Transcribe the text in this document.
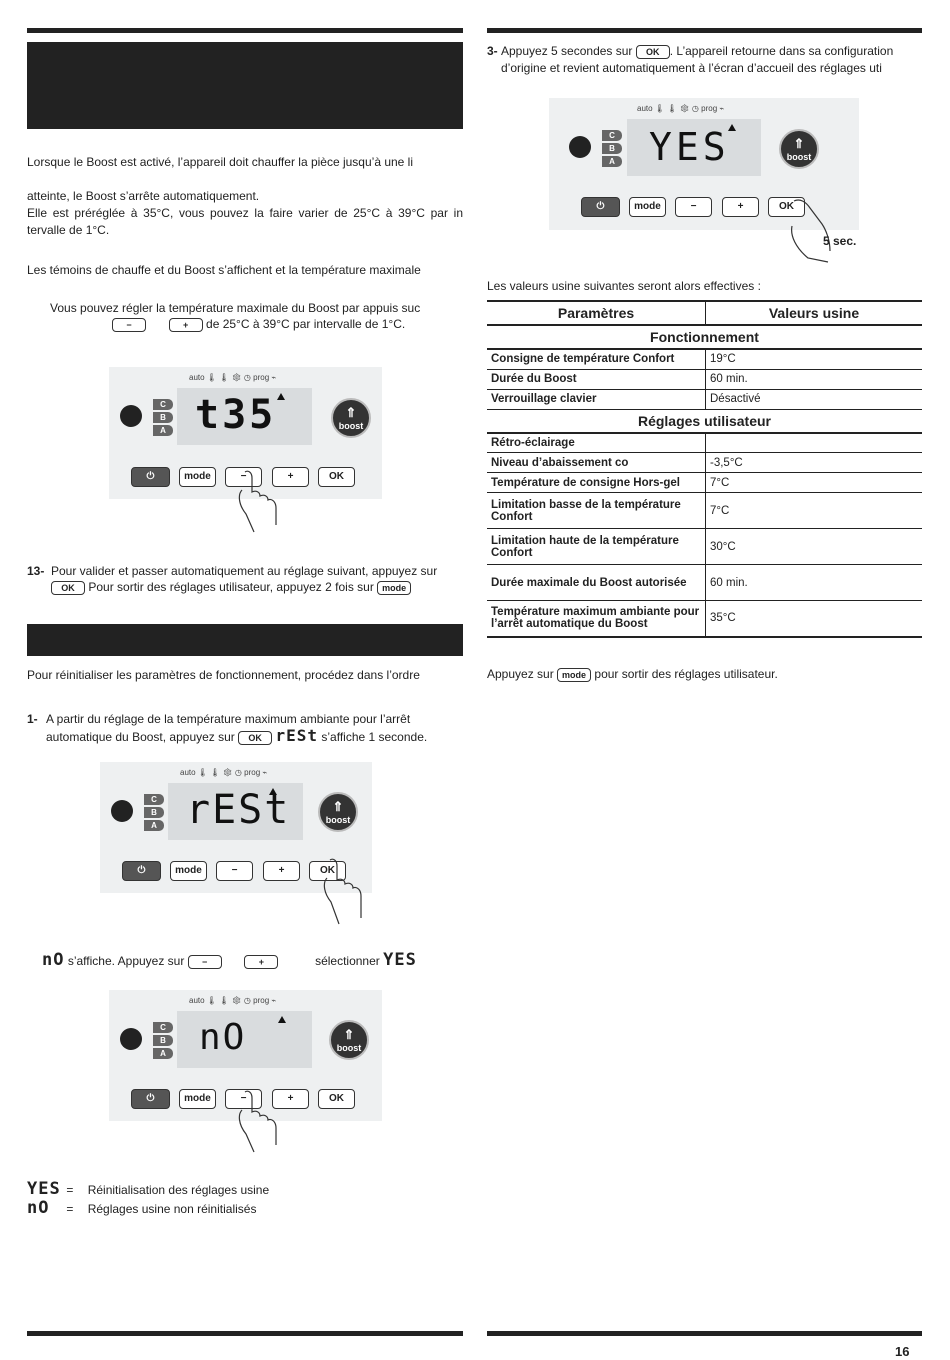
Lorsque le Boost est activé, l’appareil doit chauffer la pièce jusqu’à une li
atteinte, le Boost s’arrête automatiquement.
Elle est préréglée à 35°C, vous pouvez la faire varier de 25°C à 39°C par in tervalle de 1°C.
Les témoins de chauffe et du Boost s’affichent et la température maximale
Vous pouvez régler la température maximale du Boost par appuis suc
−	+ de 25°C à 39°C par intervalle de 1°C.
auto 🌡 🌡 ❄ ◷ prog ⌁
C
B
A t35	⇑
boost
⏻	mode	−	+	OK
13- Pour valider et passer automatiquement au réglage suivant, appuyez sur
OK Pour sortir des réglages utilisateur, appuyez 2 fois sur mode
Pour réinitialiser les paramètres de fonctionnement, procédez dans l’ordre
1- A partir du réglage de la température maximum ambiante pour l’arrêt
automatique du Boost, appuyez sur OK rESt s’affiche 1 seconde.
auto 🌡 🌡 ❄ ◷ prog ⌁
C
B
A rESt	⇑
boost
⏻	mode	−	+	OK
nO s’affiche. Appuyez sur −	+	sélectionner YES
auto 🌡 🌡 ❄ ◷ prog ⌁
C
B
A nO	⇑
boost
⏻	mode	−	+	OK
YES = Réinitialisation des réglages usine
nO = Réglages usine non réinitialisés
3- Appuyez 5 secondes sur OK . L’appareil retourne dans sa configuration
d’origine et revient automatiquement à l’écran d’accueil des réglages uti
auto 🌡 🌡 ❄ ◷ prog ⌁
C
B
A YES	⇑
boost
⏻	mode	−	+	OK
5 sec.
Les valeurs usine suivantes seront alors effectives :
Paramètres	Valeurs usine
Fonctionnement	
Consigne de température Confort	19°C
Durée du Boost	60 min.
Verrouillage clavier	Désactivé
Réglages utilisateur	
Rétro-éclairage	
Niveau d’abaissement co	-3,5°C
Température de consigne Hors-gel	7°C
Limitation basse de la température Confort	7°C
Limitation haute de la température Confort	30°C
Durée maximale du Boost autorisée	60 min.
Température maximum ambiante pour l’arrêt automatique du Boost	35°C
Appuyez sur mode pour sortir des réglages utilisateur.
16
